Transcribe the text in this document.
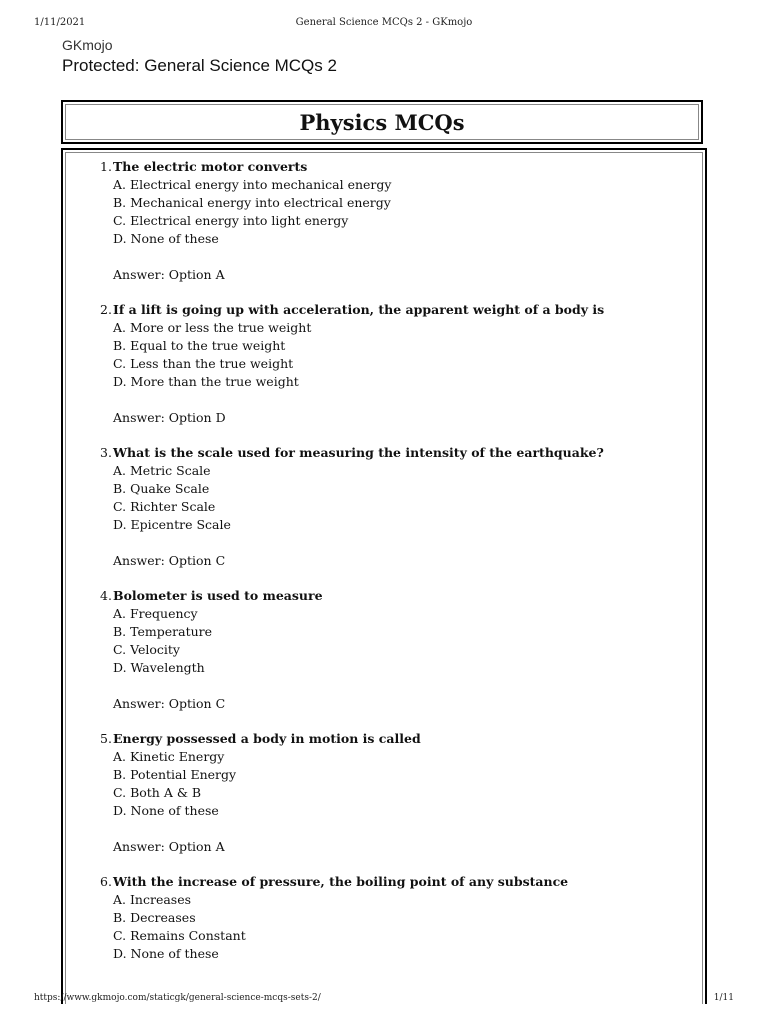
1/11/2021	General Science MCQs 2 - GKmojo
GKmojo
Protected: General Science MCQs 2
Physics MCQs
1. The electric motor converts
A. Electrical energy into mechanical energy
B. Mechanical energy into electrical energy
C. Electrical energy into light energy
D. None of these
Answer: Option A
2. If a lift is going up with acceleration, the apparent weight of a body is
A. More or less the true weight
B. Equal to the true weight
C. Less than the true weight
D. More than the true weight
Answer: Option D
3. What is the scale used for measuring the intensity of the earthquake?
A. Metric Scale
B. Quake Scale
C. Richter Scale
D. Epicentre Scale
Answer: Option C
4. Bolometer is used to measure
A. Frequency
B. Temperature
C. Velocity
D. Wavelength
Answer: Option C
5. Energy possessed a body in motion is called
A. Kinetic Energy
B. Potential Energy
C. Both A & B
D. None of these
Answer: Option A
6. With the increase of pressure, the boiling point of any substance
A. Increases
B. Decreases
C. Remains Constant
D. None of these
https://www.gkmojo.com/staticgk/general-science-mcqs-sets-2/	1/11
